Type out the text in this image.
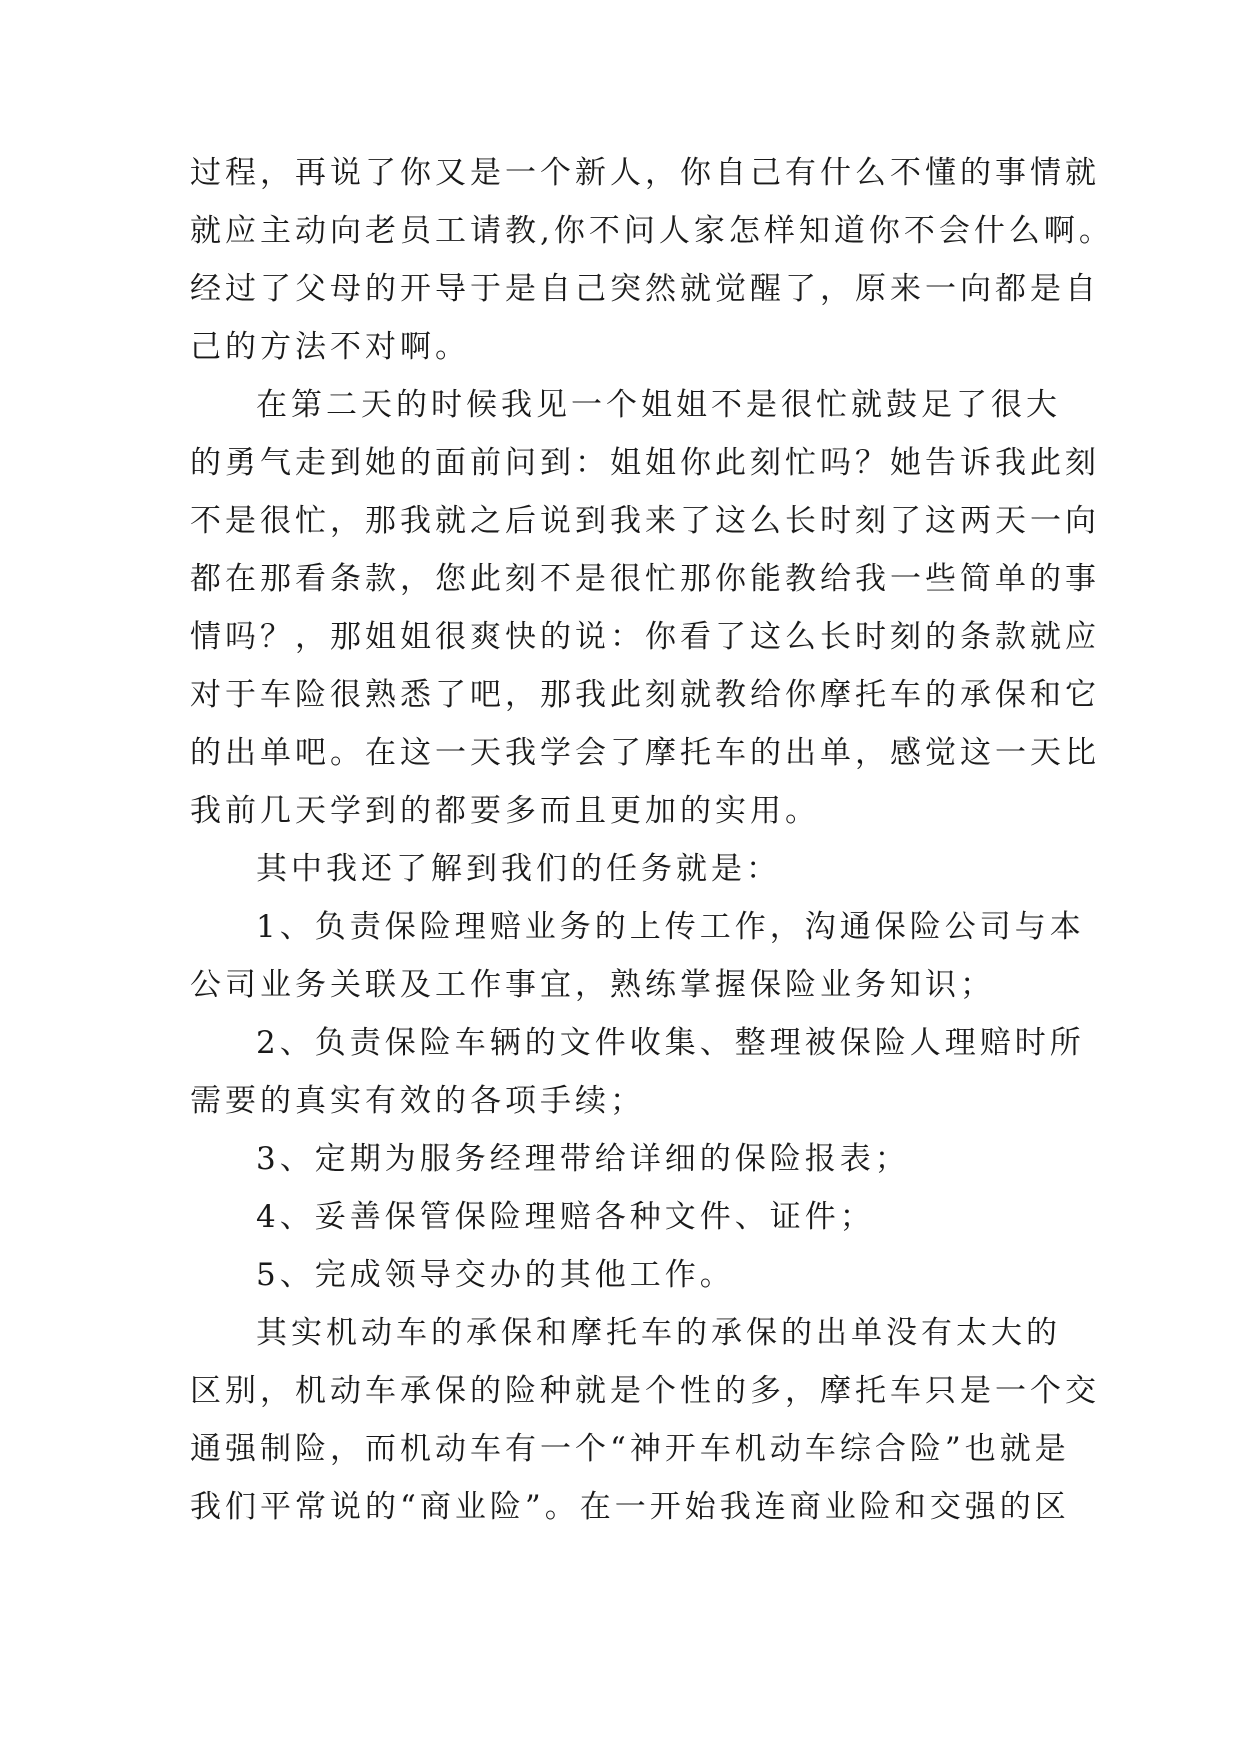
过程，再说了你又是一个新人，你自己有什么不懂的事情就
就应主动向老员工请教,你不问人家怎样知道你不会什么啊。
经过了父母的开导于是自己突然就觉醒了，原来一向都是自
己的方法不对啊。
在第二天的时候我见一个姐姐不是很忙就鼓足了很大
的勇气走到她的面前问到：姐姐你此刻忙吗？她告诉我此刻
不是很忙，那我就之后说到我来了这么长时刻了这两天一向
都在那看条款，您此刻不是很忙那你能教给我一些简单的事
情吗？，那姐姐很爽快的说：你看了这么长时刻的条款就应
对于车险很熟悉了吧，那我此刻就教给你摩托车的承保和它
的出单吧。在这一天我学会了摩托车的出单，感觉这一天比
我前几天学到的都要多而且更加的实用。
其中我还了解到我们的任务就是：
1、负责保险理赔业务的上传工作，沟通保险公司与本
公司业务关联及工作事宜，熟练掌握保险业务知识；
2、负责保险车辆的文件收集、整理被保险人理赔时所
需要的真实有效的各项手续；
3、定期为服务经理带给详细的保险报表；
4、妥善保管保险理赔各种文件、证件；
5、完成领导交办的其他工作。
其实机动车的承保和摩托车的承保的出单没有太大的
区别，机动车承保的险种就是个性的多，摩托车只是一个交
通强制险，而机动车有一个“神开车机动车综合险”也就是
我们平常说的“商业险”。在一开始我连商业险和交强的区
